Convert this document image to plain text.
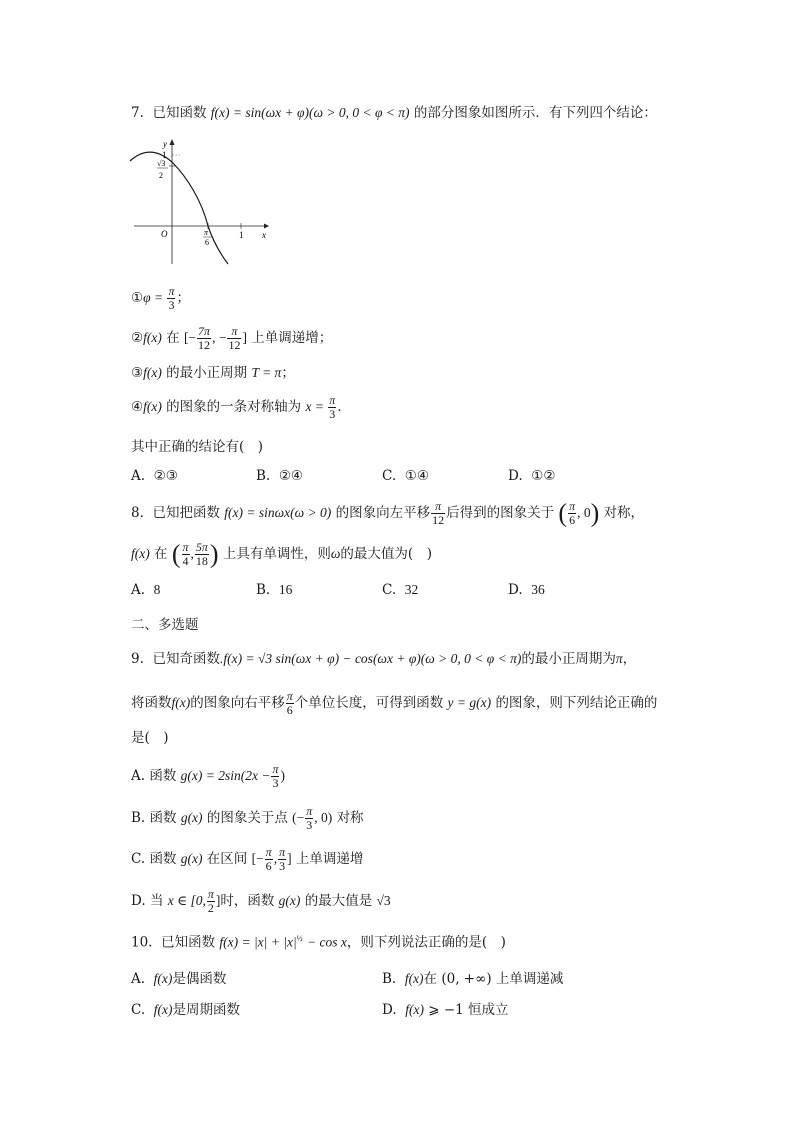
7. 已知函数 f(x) = sin(ωx + φ)(ω > 0, 0 < φ < π) 的部分图象如图所示．有下列四个结论：
y
1
√3
2
O	π
6
1 x
①φ = $\frac{\pi}{3}$ ；
②f(x) 在 [− $\frac{7\pi}{12}$ , − $\frac{\pi}{12}$ ] 上单调递增；
③f(x) 的最小正周期 T = π；
④f(x) 的图象的一条对称轴为 $x = \frac{\pi}{3}$ ．
其中正确的结论有(　)
A. ②③	B. ②④	C. ①④	D. ①②
8. 已知把函数 f(x) = sinωx(ω > 0) 的图象向左平移 $\frac{\pi}{12}$ 后得到的图象关于 ( $\frac{\pi}{6}$ , 0) 对称，
f(x) 在 ( $\frac{\pi}{4}$ , $\frac{5\pi}{18}$ ) 上具有单调性，则ω的最大值为(　)
A. 8	B. 16	C. 32	D. 36
二、多选题
9. 已知奇函数.f(x) = √3 sin(ωx + φ) − cos(ωx + φ)(ω > 0, 0 < φ < π)的最小正周期为π，
将函数f(x)的图象向右平移 $\frac{\pi}{6}$ 个单位长度，可得到函数 y = g(x) 的图象，则下列结论正确的
是(　)
A. 函数 $g(x) = 2\sin(2x - \frac{\pi}{3}$ )
B. 函数 g(x) 的图象关于点 (− $\frac{\pi}{3}$ , 0) 对称
C. 函数 g(x) 在区间 [− $\frac{\pi}{6}$ , $\frac{\pi}{3}$ ] 上单调递增
D. 当 x ∈ [0, $\frac{\pi}{2}$ ]时，函数 g(x) 的最大值是 √3
10. 已知函数 $f(x) = |x| + |x|^{\frac{1}{2}} - \cos x$，则下列说法正确的是(　)
A. f(x)是偶函数	B. f(x)在 (0, +∞) 上单调递减
C. f(x)是周期函数	D. f(x) ⩾ −1 恒成立
